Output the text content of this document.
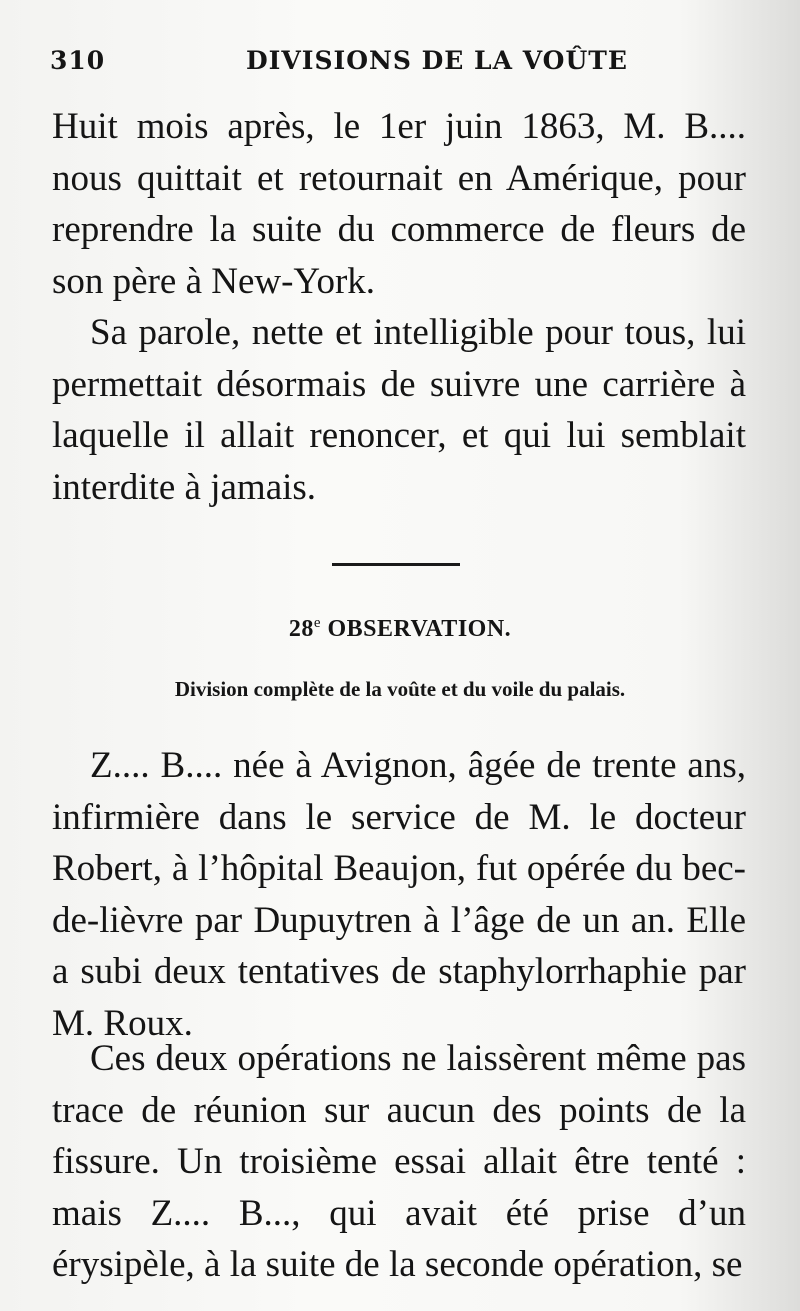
310	DIVISIONS DE LA VOÛTE
Huit mois après, le 1er juin 1863, M. B.... nous quittait et retournait en Amérique, pour reprendre la suite du commerce de fleurs de son père à New-York.
Sa parole, nette et intelligible pour tous, lui permettait désormais de suivre une carrière à laquelle il allait renoncer, et qui lui semblait interdite à jamais.
28e OBSERVATION.
Division complète de la voûte et du voile du palais.
Z.... B.... née à Avignon, âgée de trente ans, infirmière dans le service de M. le docteur Robert, à l’hôpital Beaujon, fut opérée du bec-de-lièvre par Dupuytren à l’âge de un an. Elle a subi deux tentatives de staphylorrhaphie par M. Roux.
Ces deux opérations ne laissèrent même pas trace de réunion sur aucun des points de la fissure. Un troisième essai allait être tenté : mais Z.... B..., qui avait été prise d’un érysipèle, à la suite de la seconde opération, se
